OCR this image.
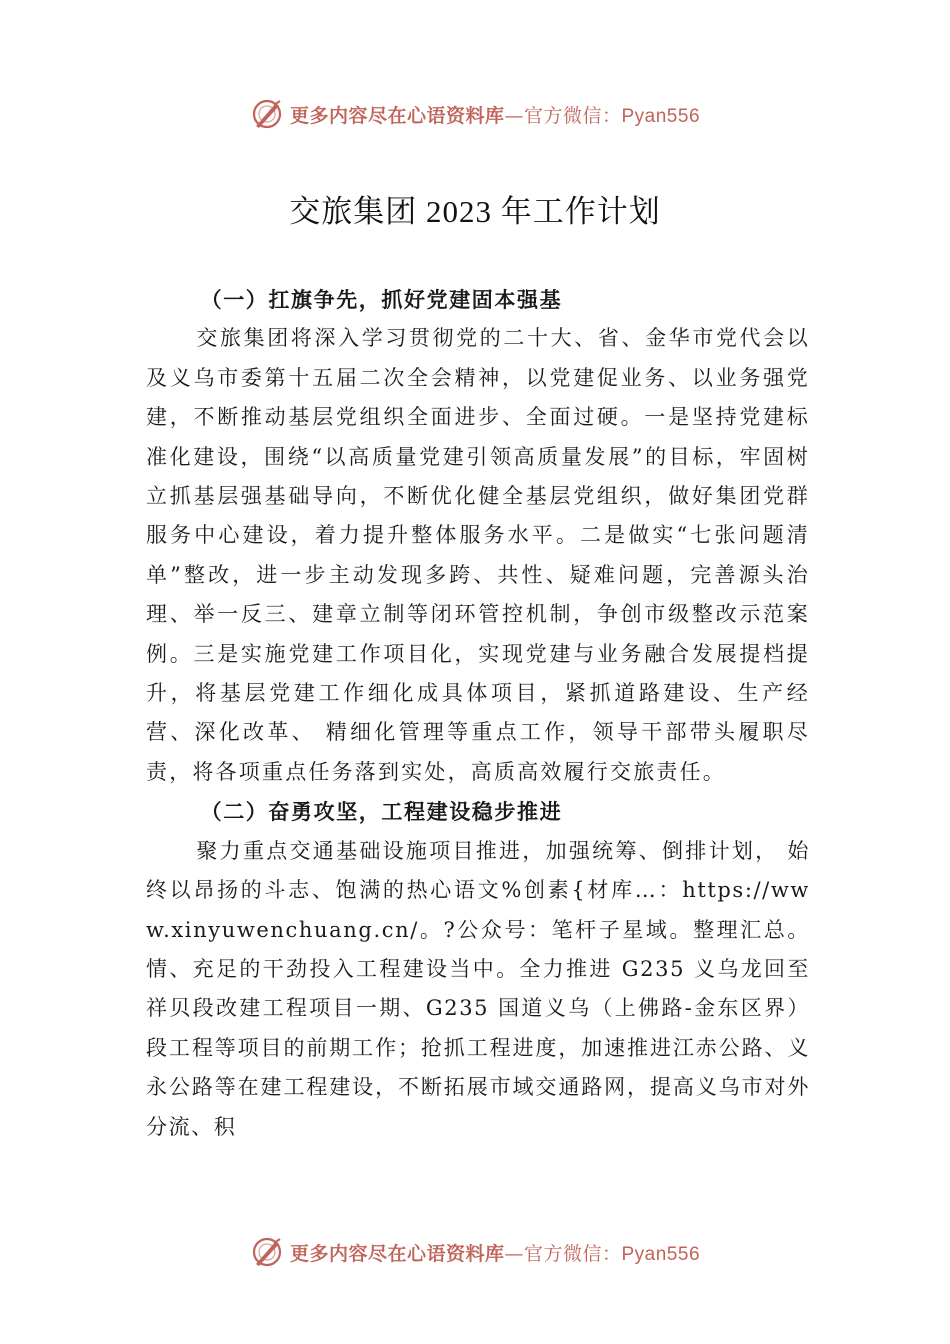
更多内容尽在心语资料库—官方微信：Pyan556
交旅集团 2023 年工作计划

（一）扛旗争先，抓好党建固本强基

交旅集团将深入学习贯彻党的二十大、省、金华市党代会以及义乌市委第十五届二次全会精神，以党建促业务、以业务强党建，不断推动基层党组织全面进步、全面过硬。一是坚持党建标准化建设，围绕“以高质量党建引领高质量发展”的目标，牢固树立抓基层强基础导向，不断优化健全基层党组织，做好集团党群服务中心建设，着力提升整体服务水平。二是做实“七张问题清单”整改，进一步主动发现多跨、共性、疑难问题，完善源头治理、举一反三、建章立制等闭环管控机制，争创市级整改示范案例。三是实施党建工作项目化，实现党建与业务融合发展提档提升，将基层党建工作细化成具体项目，紧抓道路建设、生产经营、深化改革、 精细化管理等重点工作，领导干部带头履职尽责，将各项重点任务落到实处，高质高效履行交旅责任。

（二）奋勇攻坚，工程建设稳步推进

聚力重点交通基础设施项目推进，加强统筹、倒排计划， 始终以昂扬的斗志、饱满的热心语文%创素{材库…：https://www.xinyuwenchuang.cn/。?公众号：笔杆子星域。整理汇总。情、充足的干劲投入工程建设当中。全力推进 G235 义乌龙回至祥贝段改建工程项目一期、G235 国道义乌（上佛路-金东区界）段工程等项目的前期工作；抢抓工程进度，加速推进江赤公路、义永公路等在建工程建设，不断拓展市域交通路网，提高义乌市对外分流、积

更多内容尽在心语资料库—官方微信：Pyan556
